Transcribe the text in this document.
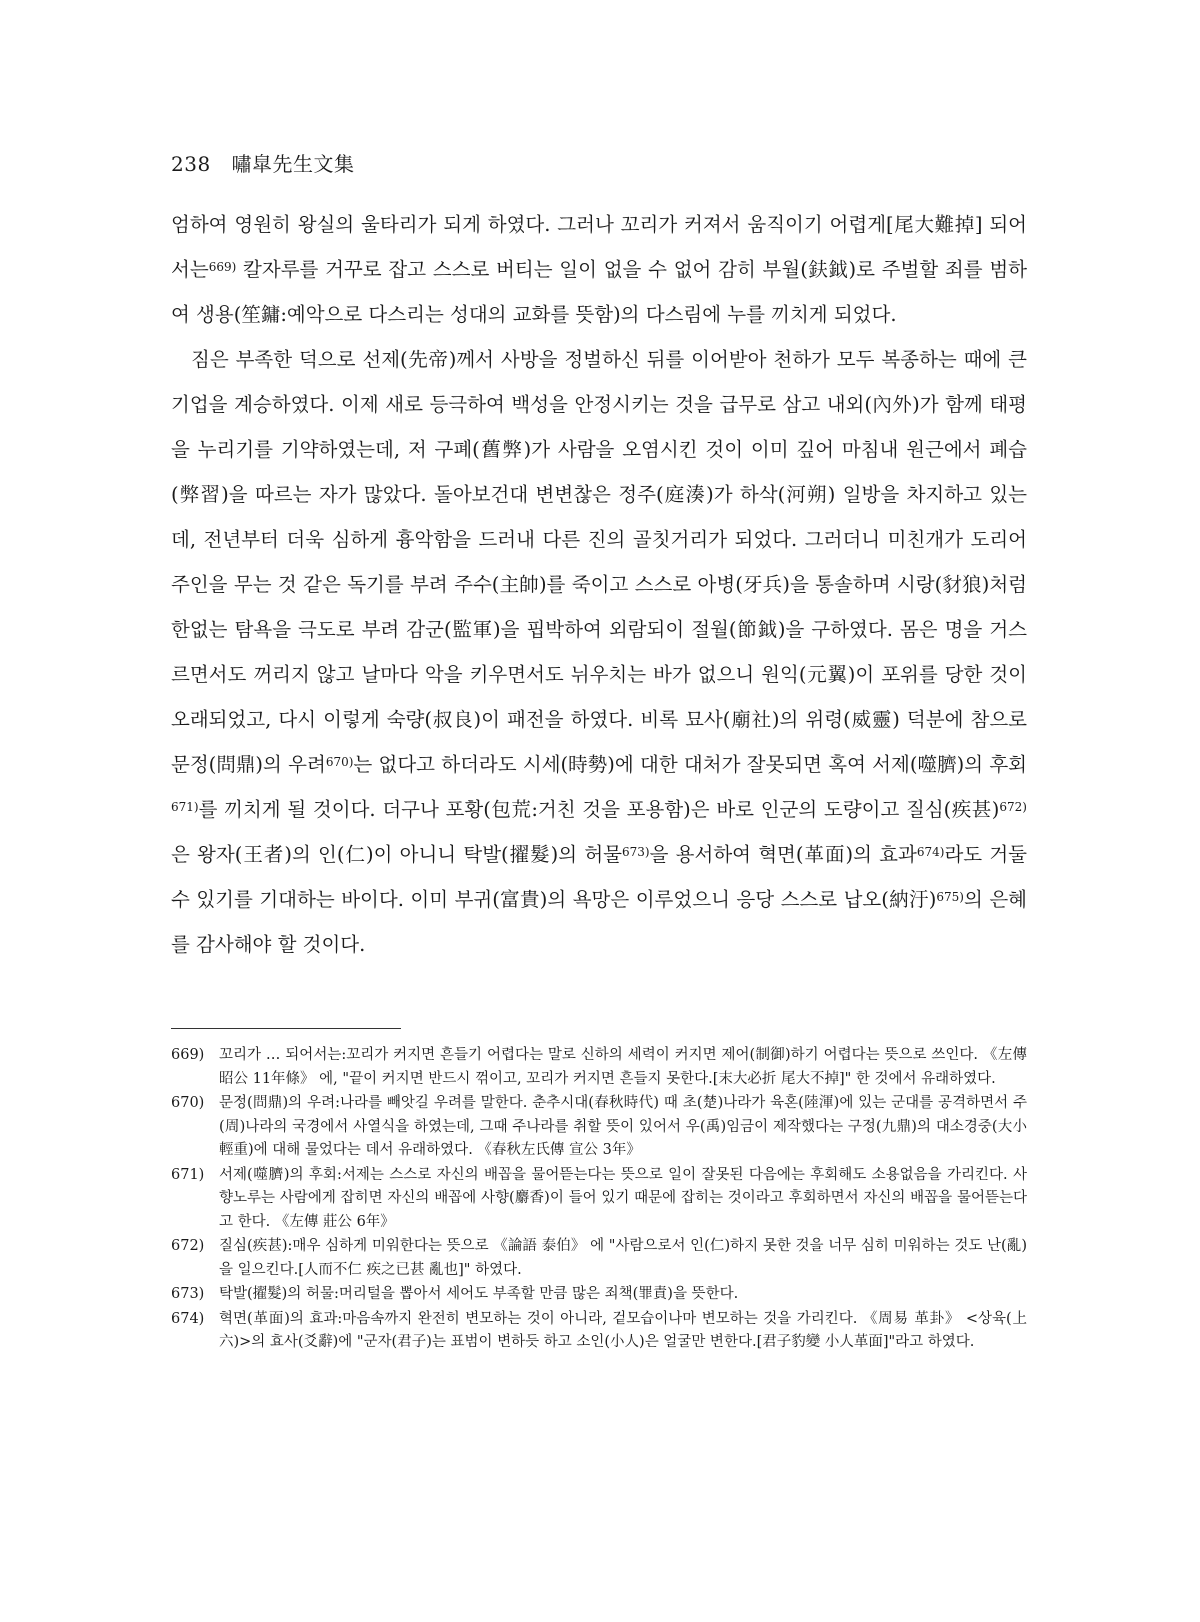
238 嘯皐先生文集

엄하여 영원히 왕실의 울타리가 되게 하였다. 그러나 꼬리가 커져서 움직이기 어렵게[尾大難掉] 되어서는$^{669)}$ 칼자루를 거꾸로 잡고 스스로 버티는 일이 없을 수 없어 감히 부월(鈇鉞)로 주벌할 죄를 범하여 생용(笙鏞:예악으로 다스리는 성대의 교화를 뜻함)의 다스림에 누를 끼치게 되었다.

짐은 부족한 덕으로 선제(先帝)께서 사방을 정벌하신 뒤를 이어받아 천하가 모두 복종하는 때에 큰 기업을 계승하였다. 이제 새로 등극하여 백성을 안정시키는 것을 급무로 삼고 내외(內外)가 함께 태평을 누리기를 기약하였는데, 저 구폐(舊弊)가 사람을 오염시킨 것이 이미 깊어 마침내 원근에서 폐습(弊習)을 따르는 자가 많았다. 돌아보건대 변변찮은 정주(庭湊)가 하삭(河朔) 일방을 차지하고 있는데, 전년부터 더욱 심하게 흉악함을 드러내 다른 진의 골칫거리가 되었다. 그러더니 미친개가 도리어 주인을 무는 것 같은 독기를 부려 주수(主帥)를 죽이고 스스로 아병(牙兵)을 통솔하며 시랑(豺狼)처럼 한없는 탐욕을 극도로 부려 감군(監軍)을 핍박하여 외람되이 절월(節鉞)을 구하였다. 몸은 명을 거스르면서도 꺼리지 않고 날마다 악을 키우면서도 뉘우치는 바가 없으니 원익(元翼)이 포위를 당한 것이 오래되었고, 다시 이렇게 숙량(叔良)이 패전을 하였다. 비록 묘사(廟社)의 위령(威靈) 덕분에 참으로 문정(問鼎)의 우려$^{670)}$는 없다고 하더라도 시세(時勢)에 대한 대처가 잘못되면 혹여 서제(噬臍)의 후회$^{671)}$를 끼치게 될 것이다. 더구나 포황(包荒:거친 것을 포용함)은 바로 인군의 도량이고 질심(疾甚)$^{672)}$은 왕자(王者)의 인(仁)이 아니니 탁발(擢髮)의 허물$^{673)}$을 용서하여 혁면(革面)의 효과$^{674)}$라도 거둘 수 있기를 기대하는 바이다. 이미 부귀(富貴)의 욕망은 이루었으니 응당 스스로 납오(納汙)$^{675)}$의 은혜를 감사해야 할 것이다.

669)	꼬리가 … 되어서는:꼬리가 커지면 흔들기 어렵다는 말로 신하의 세력이 커지면 제어(制御)하기 어렵다는 뜻으로 쓰인다. 《左傳 昭公 11年條》 에, "끝이 커지면 반드시 꺾이고, 꼬리가 커지면 흔들지 못한다.[末大必折 尾大不掉]" 한 것에서 유래하였다.
670)	문정(問鼎)의 우려:나라를 빼앗길 우려를 말한다. 춘추시대(春秋時代) 때 초(楚)나라가 육혼(陸渾)에 있는 군대를 공격하면서 주(周)나라의 국경에서 사열식을 하였는데, 그때 주나라를 취할 뜻이 있어서 우(禹)임금이 제작했다는 구정(九鼎)의 대소경중(大小輕重)에 대해 물었다는 데서 유래하였다. 《春秋左氏傳 宣公 3年》
671)	서제(噬臍)의 후회:서제는 스스로 자신의 배꼽을 물어뜯는다는 뜻으로 일이 잘못된 다음에는 후회해도 소용없음을 가리킨다. 사향노루는 사람에게 잡히면 자신의 배꼽에 사향(麝香)이 들어 있기 때문에 잡히는 것이라고 후회하면서 자신의 배꼽을 물어뜯는다고 한다. 《左傳 莊公 6年》
672)	질심(疾甚):매우 심하게 미워한다는 뜻으로 《論語 泰伯》 에 "사람으로서 인(仁)하지 못한 것을 너무 심히 미워하는 것도 난(亂)을 일으킨다.[人而不仁 疾之已甚 亂也]" 하였다.
673)	탁발(擢髮)의 허물:머리털을 뽑아서 세어도 부족할 만큼 많은 죄책(罪責)을 뜻한다.
674)	혁면(革面)의 효과:마음속까지 완전히 변모하는 것이 아니라, 겉모습이나마 변모하는 것을 가리킨다. 《周易 革卦》 <상육(上六)>의 효사(爻辭)에 "군자(君子)는 표범이 변하듯 하고 소인(小人)은 얼굴만 변한다.[君子豹變 小人革面]"라고 하였다.
